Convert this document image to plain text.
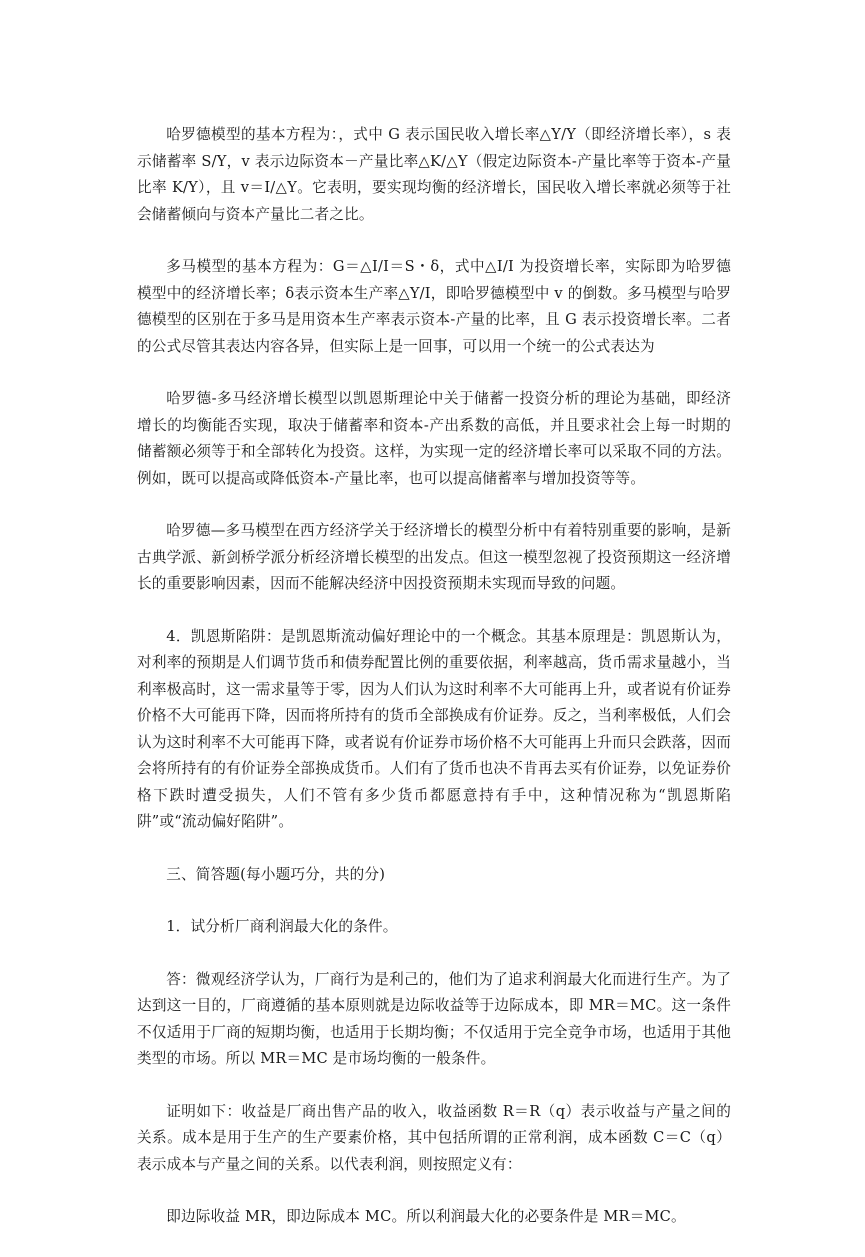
哈罗德模型的基本方程为：，式中 G 表示国民收入增长率△Y/Y（即经济增长率），s 表示储蓄率 S/Y，v 表示边际资本－产量比率△K/△Y（假定边际资本-产量比率等于资本-产量比率 K/Y），且 v＝I/△Y。它表明，要实现均衡的经济增长，国民收入增长率就必须等于社会储蓄倾向与资本产量比二者之比。

多马模型的基本方程为：G＝△I/I＝S・δ，式中△I/I 为投资增长率，实际即为哈罗德模型中的经济增长率；δ表示资本生产率△Y/I，即哈罗德模型中 v 的倒数。多马模型与哈罗德模型的区别在于多马是用资本生产率表示资本-产量的比率，且 G 表示投资增长率。二者的公式尽管其表达内容各异，但实际上是一回事，可以用一个统一的公式表达为

哈罗德-多马经济增长模型以凯恩斯理论中关于储蓄一投资分析的理论为基础，即经济增长的均衡能否实现，取决于储蓄率和资本-产出系数的高低，并且要求社会上每一时期的储蓄额必须等于和全部转化为投资。这样，为实现一定的经济增长率可以采取不同的方法。例如，既可以提高或降低资本-产量比率，也可以提高储蓄率与增加投资等等。

哈罗德—多马模型在西方经济学关于经济增长的模型分析中有着特别重要的影响，是新古典学派、新剑桥学派分析经济增长模型的出发点。但这一模型忽视了投资预期这一经济增长的重要影响因素，因而不能解决经济中因投资预期未实现而导致的问题。

4．凯恩斯陷阱：是凯恩斯流动偏好理论中的一个概念。其基本原理是：凯恩斯认为，对利率的预期是人们调节货币和债券配置比例的重要依据，利率越高，货币需求量越小，当利率极高时，这一需求量等于零，因为人们认为这时利率不大可能再上升，或者说有价证券价格不大可能再下降，因而将所持有的货币全部换成有价证券。反之，当利率极低，人们会认为这时利率不大可能再下降，或者说有价证券市场价格不大可能再上升而只会跌落，因而会将所持有的有价证券全部换成货币。人们有了货币也决不肯再去买有价证券，以免证券价格下跌时遭受损失，人们不管有多少货币都愿意持有手中，这种情况称为“凯恩斯陷阱”或“流动偏好陷阱”。

三、简答题(每小题巧分，共的分)

1．试分析厂商利润最大化的条件。

答：微观经济学认为，厂商行为是利己的，他们为了追求利润最大化而进行生产。为了达到这一目的，厂商遵循的基本原则就是边际收益等于边际成本，即 MR＝MC。这一条件不仅适用于厂商的短期均衡，也适用于长期均衡；不仅适用于完全竞争市场，也适用于其他类型的市场。所以 MR＝MC 是市场均衡的一般条件。

证明如下：收益是厂商出售产品的收入，收益函数 R＝R（q）表示收益与产量之间的关系。成本是用于生产的生产要素价格，其中包括所谓的正常利润，成本函数 C＝C（q）表示成本与产量之间的关系。以代表利润，则按照定义有：

即边际收益 MR，即边际成本 MC。所以利润最大化的必要条件是 MR＝MC。
